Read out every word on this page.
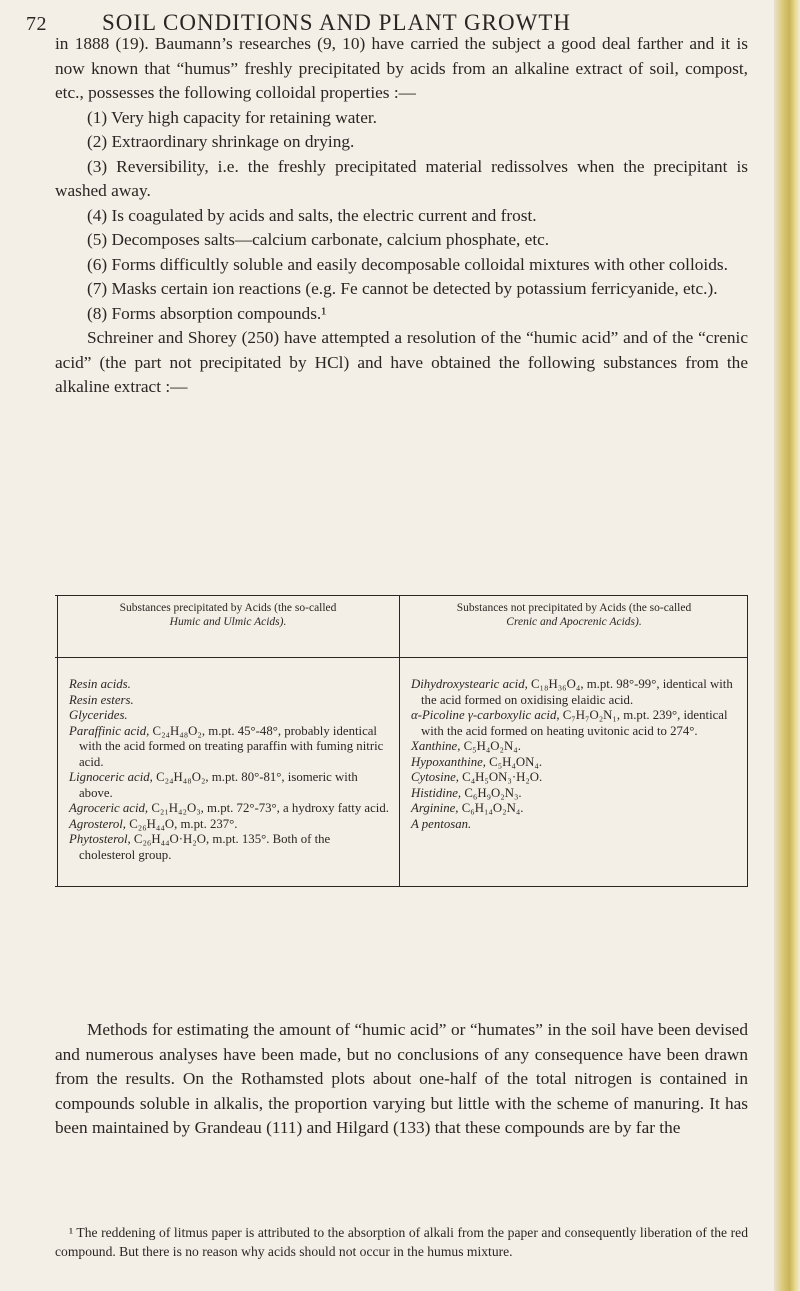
72	SOIL CONDITIONS AND PLANT GROWTH

in 1888 (19). Baumann’s researches (9, 10) have carried the subject a good deal farther and it is now known that “humus” freshly precipitated by acids from an alkaline extract of soil, compost, etc., possesses the following colloidal properties :—

(1) Very high capacity for retaining water.

(2) Extraordinary shrinkage on drying.

(3) Reversibility, i.e. the freshly precipitated material redissolves when the precipitant is washed away.

(4) Is coagulated by acids and salts, the electric current and frost.

(5) Decomposes salts—calcium carbonate, calcium phosphate, etc.

(6) Forms difficultly soluble and easily decomposable colloidal mixtures with other colloids.

(7) Masks certain ion reactions (e.g. Fe cannot be detected by potassium ferricyanide, etc.).

(8) Forms absorption compounds.¹

Schreiner and Shorey (250) have attempted a resolution of the “humic acid” and of the “crenic acid” (the part not precipitated by HCl) and have obtained the following substances from the alkaline extract :—

Substances precipitated by Acids (the so-called
Humic and Ulmic Acids).
Substances not precipitated by Acids (the so-called
Crenic and Apocrenic Acids).

Resin acids.

Resin esters.

Glycerides.

Paraffinic acid, C₂₄H₄₈O₂, m.pt. 45°-48°, probably identical with the acid formed on treating paraffin with fuming nitric acid.

Lignoceric acid, C₂₄H₄₈O₂, m.pt. 80°-81°, isomeric with above.

Agroceric acid, C₂₁H₄₂O₃, m.pt. 72°-73°, a hydroxy fatty acid.

Agrosterol, C₂₆H₄₄O, m.pt. 237°.

Phytosterol, C₂₆H₄₄O·H₂O, m.pt. 135°. Both of the cholesterol group.

Dihydroxystearic acid, C₁₈H₃₆O₄, m.pt. 98°-99°, identical with the acid formed on oxidising elaidic acid.

α-Picoline γ-carboxylic acid, C₇H₇O₂N₁, m.pt. 239°, identical with the acid formed on heating uvitonic acid to 274°.

Xanthine, C₅H₄O₂N₄.

Hypoxanthine, C₅H₄ON₄.

Cytosine, C₄H₅ON₃·H₂O.

Histidine, C₆H₉O₂N₃.

Arginine, C₆H₁₄O₂N₄.

A pentosan.

Methods for estimating the amount of “humic acid” or “humates” in the soil have been devised and numerous analyses have been made, but no conclusions of any consequence have been drawn from the results. On the Rothamsted plots about one-half of the total nitrogen is contained in compounds soluble in alkalis, the proportion varying but little with the scheme of manuring. It has been maintained by Grandeau (111) and Hilgard (133) that these compounds are by far the

¹ The reddening of litmus paper is attributed to the absorption of alkali from the paper and consequently liberation of the red compound. But there is no reason why acids should not occur in the humus mixture.
